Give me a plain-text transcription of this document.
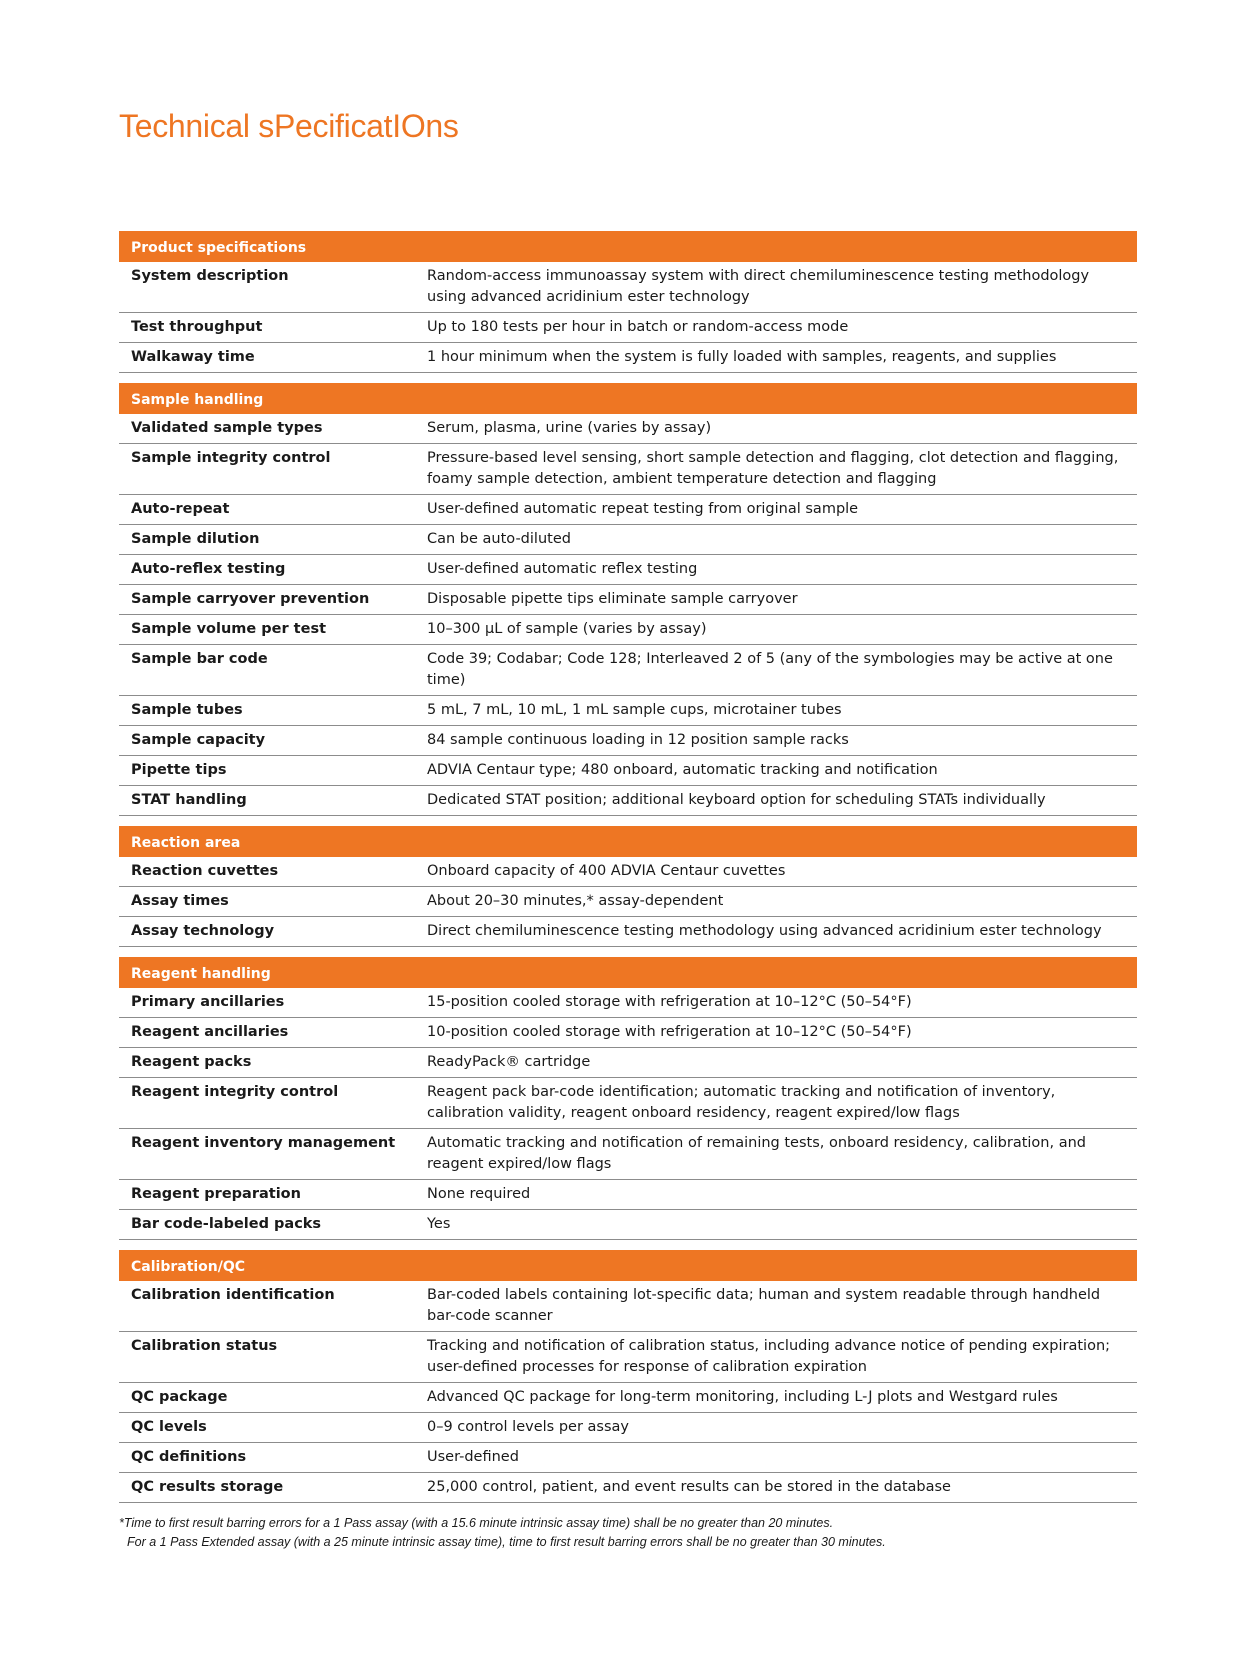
Technical sPecificatIOns
Product specifications
System description	Random-access immunoassay system with direct chemiluminescence testing methodology using advanced acridinium ester technology
Test throughput	Up to 180 tests per hour in batch or random-access mode
Walkaway time	1 hour minimum when the system is fully loaded with samples, reagents, and supplies
Sample handling
Validated sample types	Serum, plasma, urine (varies by assay)
Sample integrity control	Pressure-based level sensing, short sample detection and flagging, clot detection and flagging, foamy sample detection, ambient temperature detection and flagging
Auto-repeat	User-defined automatic repeat testing from original sample
Sample dilution	Can be auto-diluted
Auto-reflex testing	User-defined automatic reflex testing
Sample carryover prevention	Disposable pipette tips eliminate sample carryover
Sample volume per test	10–300 µL of sample (varies by assay)
Sample bar code	Code 39; Codabar; Code 128; Interleaved 2 of 5 (any of the symbologies may be active at one time)
Sample tubes	5 mL, 7 mL, 10 mL, 1 mL sample cups, microtainer tubes
Sample capacity	84 sample continuous loading in 12 position sample racks
Pipette tips	ADVIA Centaur type; 480 onboard, automatic tracking and notification
STAT handling	Dedicated STAT position; additional keyboard option for scheduling STATs individually
Reaction area
Reaction cuvettes	Onboard capacity of 400 ADVIA Centaur cuvettes
Assay times	About 20–30 minutes,* assay-dependent
Assay technology	Direct chemiluminescence testing methodology using advanced acridinium ester technology
Reagent handling
Primary ancillaries	15-position cooled storage with refrigeration at 10–12°C (50–54°F)
Reagent ancillaries	10-position cooled storage with refrigeration at 10–12°C (50–54°F)
Reagent packs	ReadyPack® cartridge
Reagent integrity control	Reagent pack bar-code identification; automatic tracking and notification of inventory, calibration validity, reagent onboard residency, reagent expired/low flags
Reagent inventory management	Automatic tracking and notification of remaining tests, onboard residency, calibration, and reagent expired/low flags
Reagent preparation	None required
Bar code-labeled packs	Yes
Calibration/QC
Calibration identification	Bar-coded labels containing lot-specific data; human and system readable through handheld bar-code scanner
Calibration status	Tracking and notification of calibration status, including advance notice of pending expiration; user-defined processes for response of calibration expiration
QC package	Advanced QC package for long-term monitoring, including L-J plots and Westgard rules
QC levels	0–9 control levels per assay
QC definitions	User-defined
QC results storage	25,000 control, patient, and event results can be stored in the database

*Time to first result barring errors for a 1 Pass assay (with a 15.6 minute intrinsic assay time) shall be no greater than 20 minutes.
For a 1 Pass Extended assay (with a 25 minute intrinsic assay time), time to first result barring errors shall be no greater than 30 minutes.
